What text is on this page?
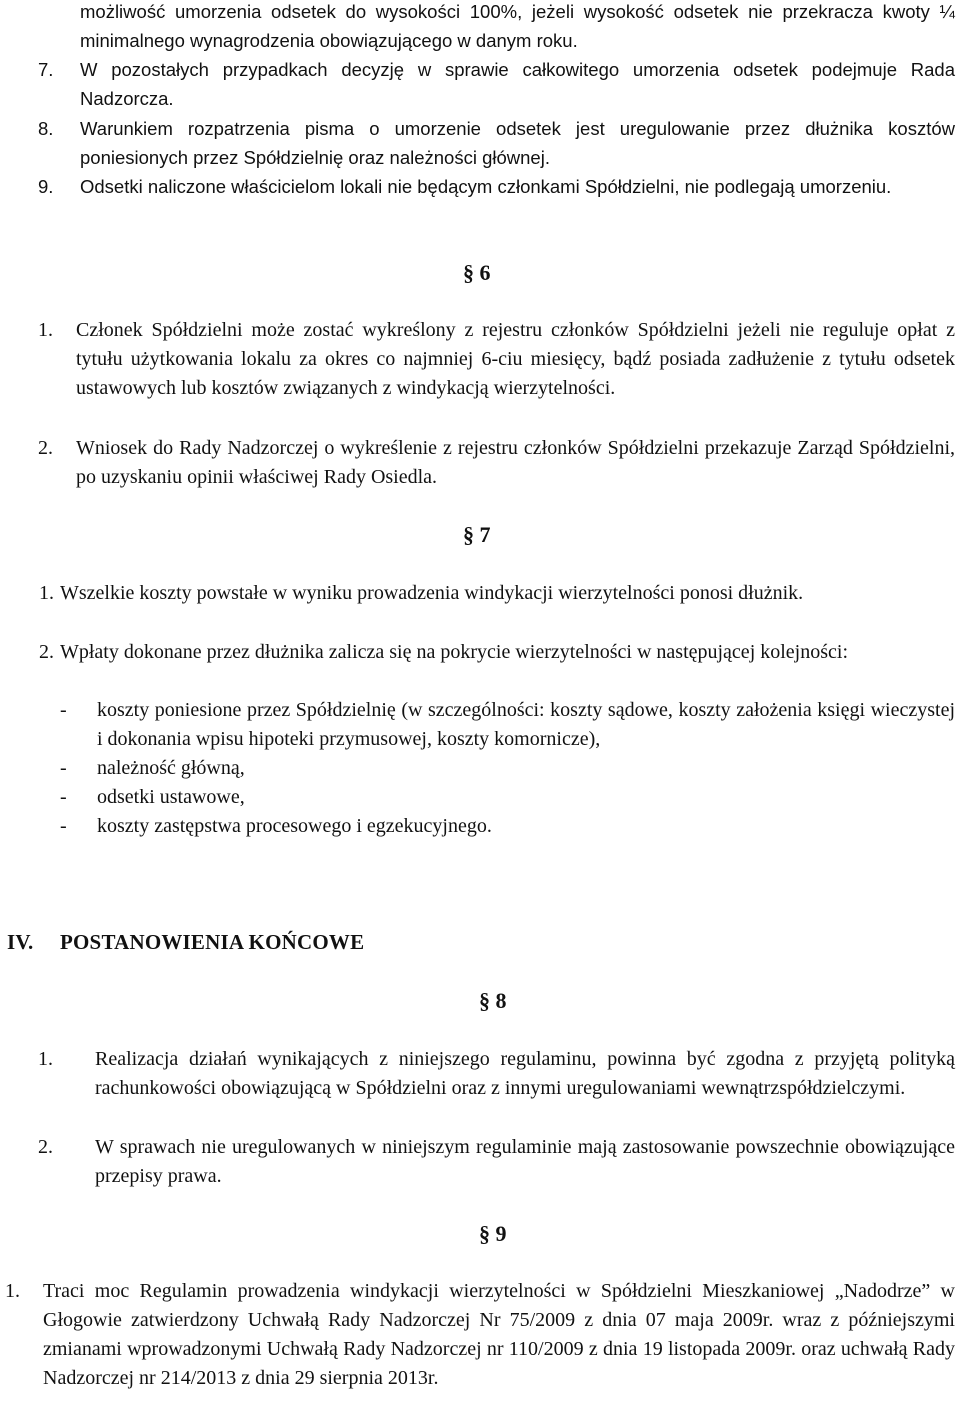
możliwość umorzenia odsetek do wysokości 100%, jeżeli wysokość odsetek nie przekracza kwoty ¼ minimalnego wynagrodzenia obowiązującego w danym roku.
7.	W pozostałych przypadkach decyzję w sprawie całkowitego umorzenia odsetek podejmuje Rada Nadzorcza.
8.	Warunkiem rozpatrzenia pisma o umorzenie odsetek jest uregulowanie przez dłużnika kosztów poniesionych przez Spółdzielnię oraz należności głównej.
9.	Odsetki naliczone właścicielom lokali nie będącym członkami Spółdzielni, nie podlegają umorzeniu.
§ 6
1.	Członek Spółdzielni może zostać wykreślony z rejestru członków Spółdzielni jeżeli nie reguluje opłat z tytułu użytkowania lokalu za okres co najmniej 6-ciu miesięcy, bądź posiada zadłużenie z tytułu odsetek ustawowych lub kosztów związanych z windykacją wierzytelności.
2.	Wniosek do Rady Nadzorczej o wykreślenie z rejestru członków Spółdzielni przekazuje Zarząd Spółdzielni, po uzyskaniu opinii właściwej Rady Osiedla.
§ 7
1. Wszelkie koszty powstałe w wyniku prowadzenia windykacji wierzytelności ponosi dłużnik.
2. Wpłaty dokonane przez dłużnika zalicza się na pokrycie wierzytelności w następującej kolejności:
-	koszty poniesione przez Spółdzielnię (w szczególności: koszty sądowe, koszty założenia księgi wieczystej i dokonania wpisu hipoteki przymusowej, koszty komornicze),
-	należność główną,
-	odsetki ustawowe,
-	koszty zastępstwa procesowego i egzekucyjnego.
IV. POSTANOWIENIA KOŃCOWE
§ 8
1.	Realizacja działań wynikających z niniejszego regulaminu, powinna być zgodna z przyjętą polityką rachunkowości obowiązującą w Spółdzielni oraz z innymi uregulowaniami wewnątrzspółdzielczymi.
2.	W sprawach nie uregulowanych w niniejszym regulaminie mają zastosowanie powszechnie obowiązujące przepisy prawa.
§ 9
1.	Traci moc Regulamin prowadzenia windykacji wierzytelności w Spółdzielni Mieszkaniowej „Nadodrze” w Głogowie zatwierdzony Uchwałą Rady Nadzorczej Nr 75/2009 z dnia 07 maja 2009r. wraz z późniejszymi zmianami wprowadzonymi Uchwałą Rady Nadzorczej nr 110/2009 z dnia 19 listopada 2009r. oraz uchwałą Rady Nadzorczej nr 214/2013 z dnia 29 sierpnia 2013r.
